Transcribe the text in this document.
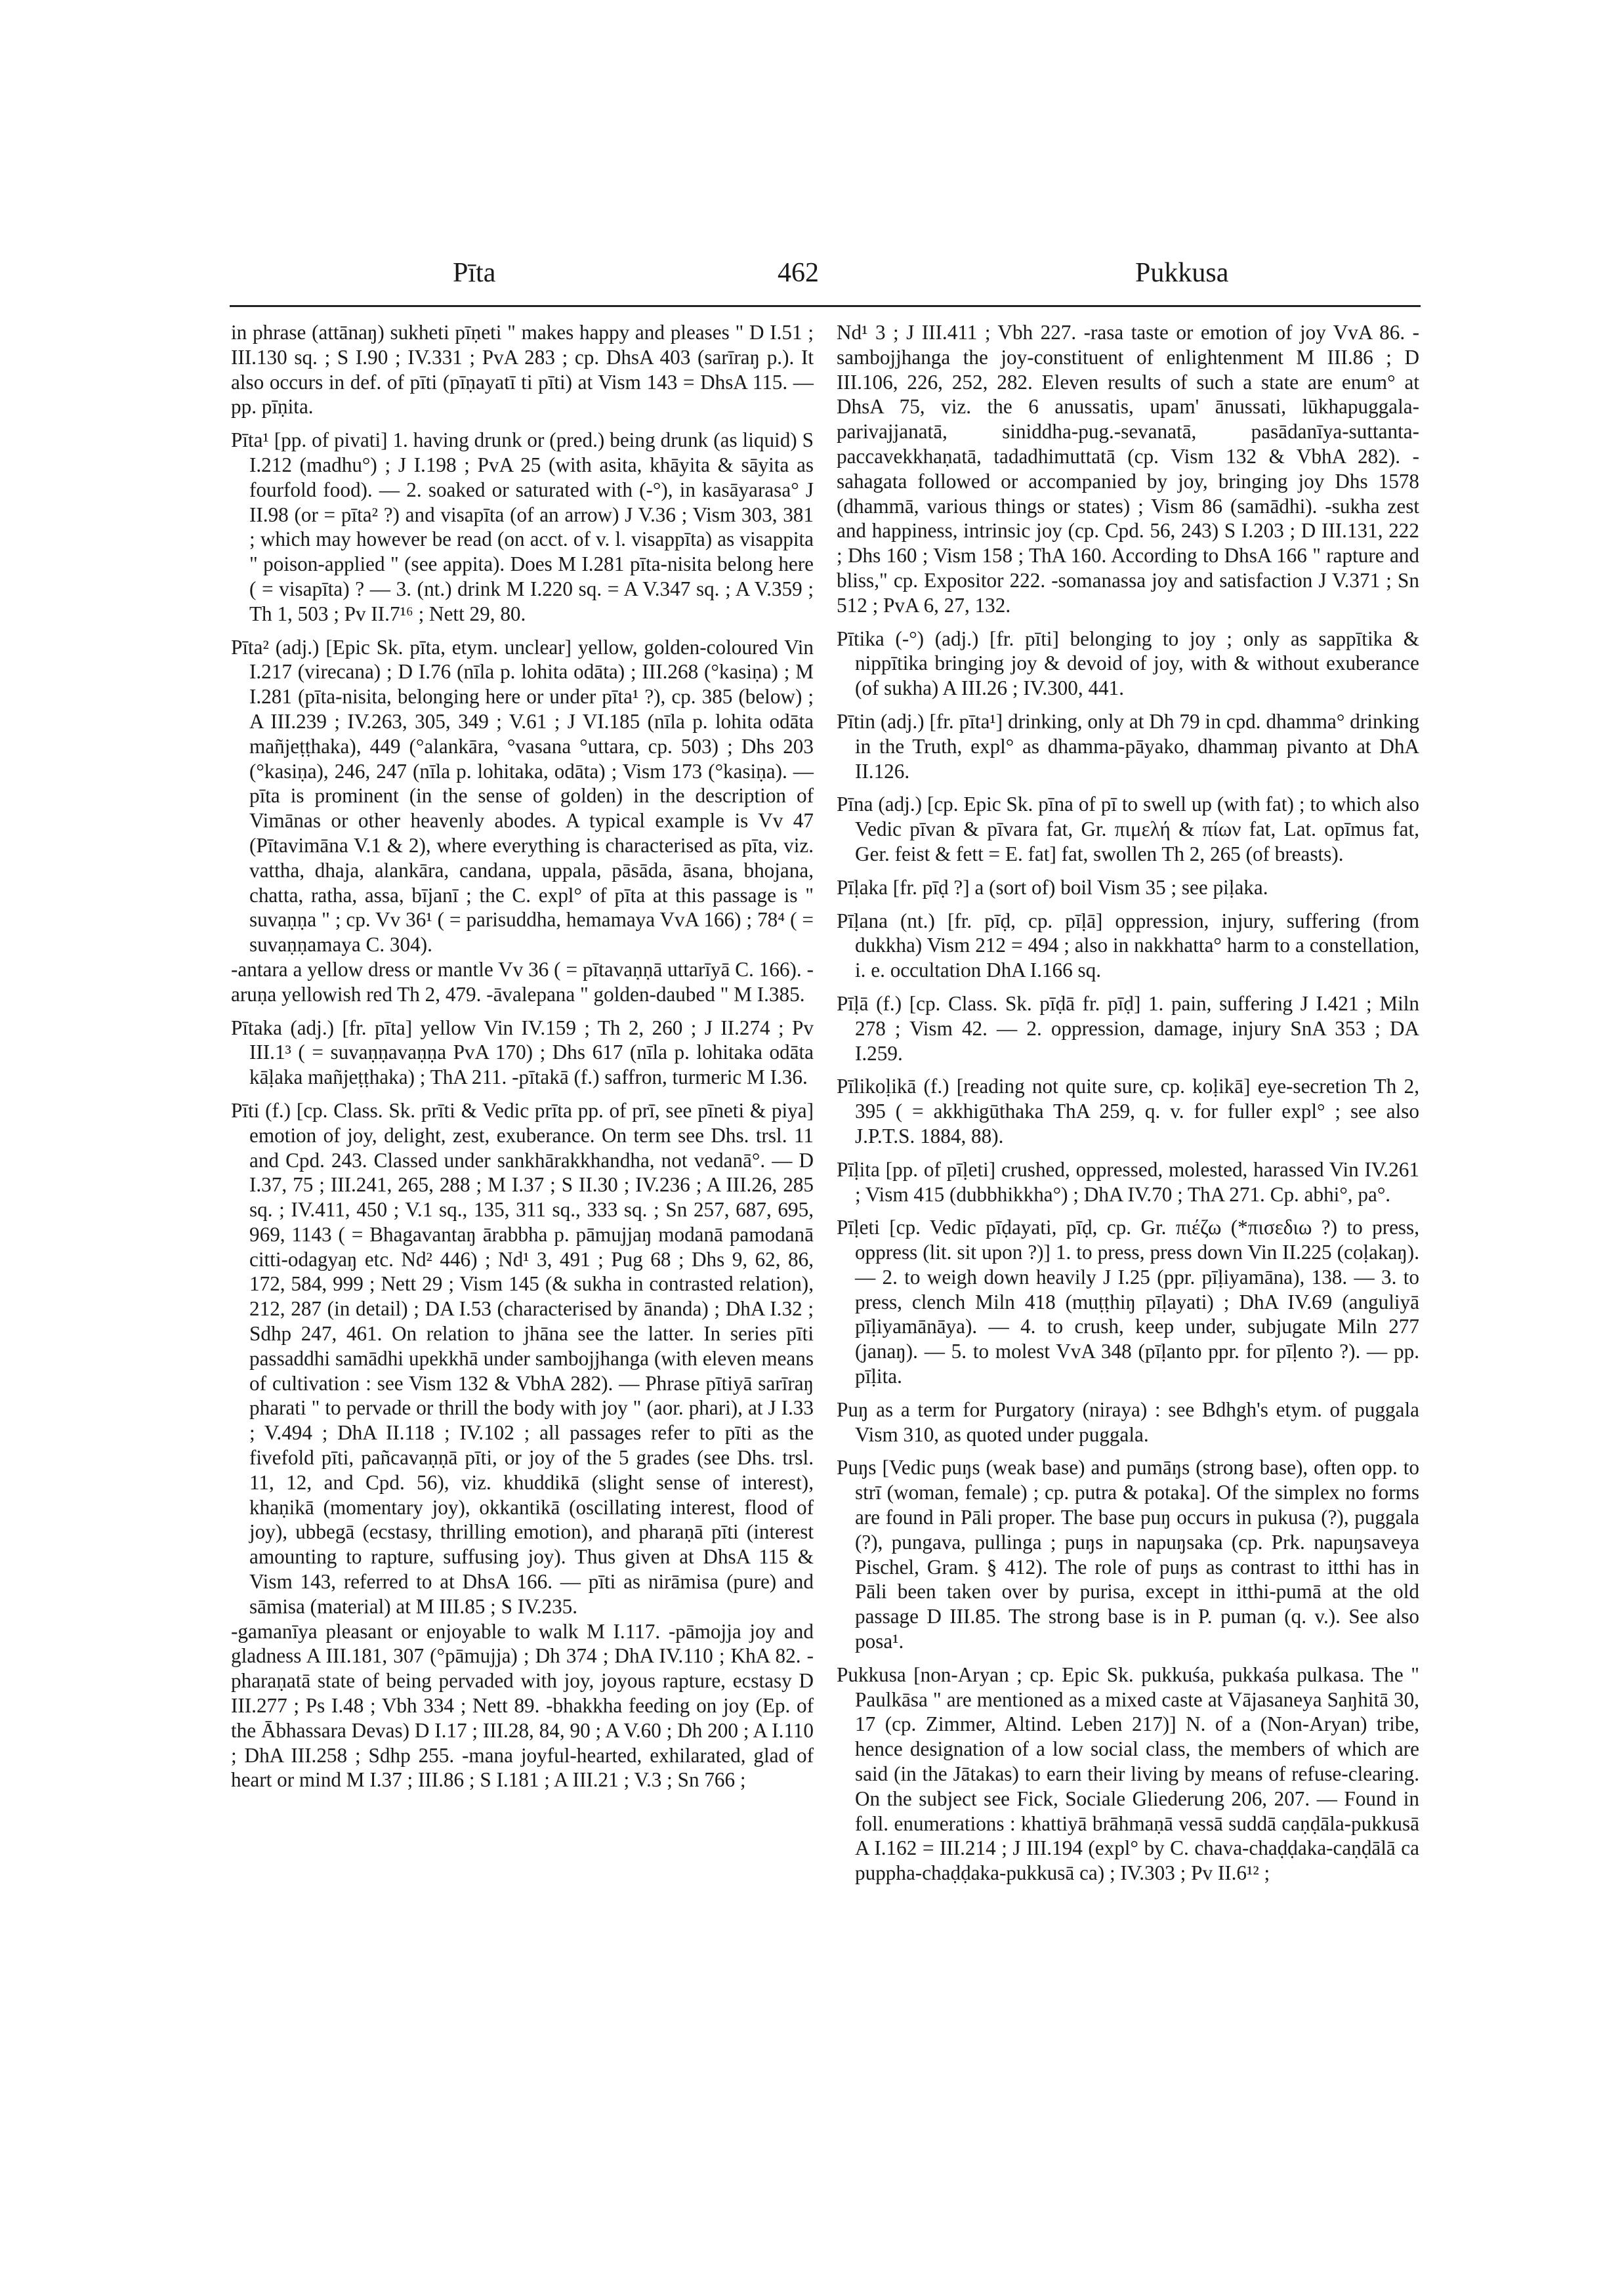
Pīta	462	Pukkusa

in phrase (attānaŋ) sukheti pīṇeti " makes happy and pleases " D I.51 ; III.130 sq. ; S I.90 ; IV.331 ; PvA 283 ; cp. DhsA 403 (sarīraŋ p.). It also occurs in def. of pīti (pīṇayatī ti pīti) at Vism 143 = DhsA 115. — pp. pīṇita.

Pīta¹ [pp. of pivati] 1. having drunk or (pred.) being drunk (as liquid) S I.212 (madhu°) ; J I.198 ; PvA 25 (with asita, khāyita & sāyita as fourfold food). — 2. soaked or saturated with (-°), in kasāyarasa° J II.98 (or = pīta² ?) and visapīta (of an arrow) J V.36 ; Vism 303, 381 ; which may however be read (on acct. of v. l. visappīta) as visappita " poison-applied " (see appita). Does M I.281 pīta-nisita belong here ( = visapīta) ? — 3. (nt.) drink M I.220 sq. = A V.347 sq. ; A V.359 ; Th 1, 503 ; Pv II.7¹⁶ ; Nett 29, 80.

Pīta² (adj.) [Epic Sk. pīta, etym. unclear] yellow, golden-coloured Vin I.217 (virecana) ; D I.76 (nīla p. lohita odāta) ; III.268 (°kasiṇa) ; M I.281 (pīta-nisita, belonging here or under pīta¹ ?), cp. 385 (below) ; A III.239 ; IV.263, 305, 349 ; V.61 ; J VI.185 (nīla p. lohita odāta mañjeṭṭhaka), 449 (°alankāra, °vasana °uttara, cp. 503) ; Dhs 203 (°kasiṇa), 246, 247 (nīla p. lohitaka, odāta) ; Vism 173 (°kasiṇa). — pīta is prominent (in the sense of golden) in the description of Vimānas or other heavenly abodes. A typical example is Vv 47 (Pītavimāna V.1 & 2), where everything is characterised as pīta, viz. vattha, dhaja, alankāra, candana, uppala, pāsāda, āsana, bhojana, chatta, ratha, assa, bījanī ; the C. expl° of pīta at this passage is " suvaṇṇa " ; cp. Vv 36¹ ( = parisuddha, hemamaya VvA 166) ; 78⁴ ( = suvaṇṇamaya C. 304).

-antara a yellow dress or mantle Vv 36 ( = pītavaṇṇā uttarīyā C. 166). -aruṇa yellowish red Th 2, 479. -āvalepana " golden-daubed " M I.385.

Pītaka (adj.) [fr. pīta] yellow Vin IV.159 ; Th 2, 260 ; J II.274 ; Pv III.1³ ( = suvaṇṇavaṇṇa PvA 170) ; Dhs 617 (nīla p. lohitaka odāta kāḷaka mañjeṭṭhaka) ; ThA 211. -pītakā (f.) saffron, turmeric M I.36.

Pīti (f.) [cp. Class. Sk. prīti & Vedic prīta pp. of prī, see pīneti & piya] emotion of joy, delight, zest, exuberance. On term see Dhs. trsl. 11 and Cpd. 243. Classed under sankhārakkhandha, not vedanā°. — D I.37, 75 ; III.241, 265, 288 ; M I.37 ; S II.30 ; IV.236 ; A III.26, 285 sq. ; IV.411, 450 ; V.1 sq., 135, 311 sq., 333 sq. ; Sn 257, 687, 695, 969, 1143 ( = Bhagavantaŋ ārabbha p. pāmujjaŋ modanā pamodanā citti-odagyaŋ etc. Nd² 446) ; Nd¹ 3, 491 ; Pug 68 ; Dhs 9, 62, 86, 172, 584, 999 ; Nett 29 ; Vism 145 (& sukha in contrasted relation), 212, 287 (in detail) ; DA I.53 (characterised by ānanda) ; DhA I.32 ; Sdhp 247, 461. On relation to jhāna see the latter. In series pīti passaddhi samādhi upekkhā under sambojjhanga (with eleven means of cultivation : see Vism 132 & VbhA 282). — Phrase pītiyā sarīraŋ pharati " to pervade or thrill the body with joy " (aor. phari), at J I.33 ; V.494 ; DhA II.118 ; IV.102 ; all passages refer to pīti as the fivefold pīti, pañcavaṇṇā pīti, or joy of the 5 grades (see Dhs. trsl. 11, 12, and Cpd. 56), viz. khuddikā (slight sense of interest), khaṇikā (momentary joy), okkantikā (oscillating interest, flood of joy), ubbegā (ecstasy, thrilling emotion), and pharaṇā pīti (interest amounting to rapture, suffusing joy). Thus given at DhsA 115 & Vism 143, referred to at DhsA 166. — pīti as nirāmisa (pure) and sāmisa (material) at M III.85 ; S IV.235.

-gamanīya pleasant or enjoyable to walk M I.117. -pāmojja joy and gladness A III.181, 307 (°pāmujja) ; Dh 374 ; DhA IV.110 ; KhA 82. -pharaṇatā state of being pervaded with joy, joyous rapture, ecstasy D III.277 ; Ps I.48 ; Vbh 334 ; Nett 89. -bhakkha feeding on joy (Ep. of the Ābhassara Devas) D I.17 ; III.28, 84, 90 ; A V.60 ; Dh 200 ; A I.110 ; DhA III.258 ; Sdhp 255. -mana joyful-hearted, exhilarated, glad of heart or mind M I.37 ; III.86 ; S I.181 ; A III.21 ; V.3 ; Sn 766 ;

Nd¹ 3 ; J III.411 ; Vbh 227. -rasa taste or emotion of joy VvA 86. -sambojjhanga the joy-constituent of enlightenment M III.86 ; D III.106, 226, 252, 282. Eleven results of such a state are enum° at DhsA 75, viz. the 6 anussatis, upam' ānussati, lūkhapuggala-parivajjanatā, siniddha-pug.-sevanatā, pasādanīya-suttanta-paccavekkhaṇatā, tadadhimuttatā (cp. Vism 132 & VbhA 282). -sahagata followed or accompanied by joy, bringing joy Dhs 1578 (dhammā, various things or states) ; Vism 86 (samādhi). -sukha zest and happiness, intrinsic joy (cp. Cpd. 56, 243) S I.203 ; D III.131, 222 ; Dhs 160 ; Vism 158 ; ThA 160. According to DhsA 166 " rapture and bliss," cp. Expositor 222. -somanassa joy and satisfaction J V.371 ; Sn 512 ; PvA 6, 27, 132.

Pītika (-°) (adj.) [fr. pīti] belonging to joy ; only as sappītika & nippītika bringing joy & devoid of joy, with & without exuberance (of sukha) A III.26 ; IV.300, 441.

Pītin (adj.) [fr. pīta¹] drinking, only at Dh 79 in cpd. dhamma° drinking in the Truth, expl° as dhamma-pāyako, dhammaŋ pivanto at DhA II.126.

Pīna (adj.) [cp. Epic Sk. pīna of pī to swell up (with fat) ; to which also Vedic pīvan & pīvara fat, Gr. πιμελή & πίων fat, Lat. opīmus fat, Ger. feist & fett = E. fat] fat, swollen Th 2, 265 (of breasts).

Pīḷaka [fr. pīḍ ?] a (sort of) boil Vism 35 ; see piḷaka.

Pīḷana (nt.) [fr. pīḍ, cp. pīḷā] oppression, injury, suffering (from dukkha) Vism 212 = 494 ; also in nakkhatta° harm to a constellation, i. e. occultation DhA I.166 sq.

Pīḷā (f.) [cp. Class. Sk. pīḍā fr. pīḍ] 1. pain, suffering J I.421 ; Miln 278 ; Vism 42. — 2. oppression, damage, injury SnA 353 ; DA I.259.

Pīlikoḷikā (f.) [reading not quite sure, cp. koḷikā] eye-secretion Th 2, 395 ( = akkhigūthaka ThA 259, q. v. for fuller expl° ; see also J.P.T.S. 1884, 88).

Pīḷita [pp. of pīḷeti] crushed, oppressed, molested, harassed Vin IV.261 ; Vism 415 (dubbhikkha°) ; DhA IV.70 ; ThA 271. Cp. abhi°, pa°.

Pīḷeti [cp. Vedic pīḍayati, pīḍ, cp. Gr. πιέζω (*πισεδιω ?) to press, oppress (lit. sit upon ?)] 1. to press, press down Vin II.225 (coḷakaŋ). — 2. to weigh down heavily J I.25 (ppr. pīḷiyamāna), 138. — 3. to press, clench Miln 418 (muṭṭhiŋ pīḷayati) ; DhA IV.69 (anguliyā pīḷiyamānāya). — 4. to crush, keep under, subjugate Miln 277 (janaŋ). — 5. to molest VvA 348 (pīḷanto ppr. for pīḷento ?). — pp. pīḷita.

Puŋ as a term for Purgatory (niraya) : see Bdhgh's etym. of puggala Vism 310, as quoted under puggala.

Puŋs [Vedic puŋs (weak base) and pumāŋs (strong base), often opp. to strī (woman, female) ; cp. putra & potaka]. Of the simplex no forms are found in Pāli proper. The base puŋ occurs in pukusa (?), puggala (?), pungava, pullinga ; puŋs in napuŋsaka (cp. Prk. napuŋsaveya Pischel, Gram. § 412). The role of puŋs as contrast to itthi has in Pāli been taken over by purisa, except in itthi-pumā at the old passage D III.85. The strong base is in P. puman (q. v.). See also posa¹.

Pukkusa [non-Aryan ; cp. Epic Sk. pukkuśa, pukkaśa pulkasa. The " Paulkāsa " are mentioned as a mixed caste at Vājasaneya Saŋhitā 30, 17 (cp. Zimmer, Altind. Leben 217)] N. of a (Non-Aryan) tribe, hence designation of a low social class, the members of which are said (in the Jātakas) to earn their living by means of refuse-clearing. On the subject see Fick, Sociale Gliederung 206, 207. — Found in foll. enumerations : khattiyā brāhmaṇā vessā suddā caṇḍāla-pukkusā A I.162 = III.214 ; J III.194 (expl° by C. chava-chaḍḍaka-caṇḍālā ca puppha-chaḍḍaka-pukkusā ca) ; IV.303 ; Pv II.6¹² ;
